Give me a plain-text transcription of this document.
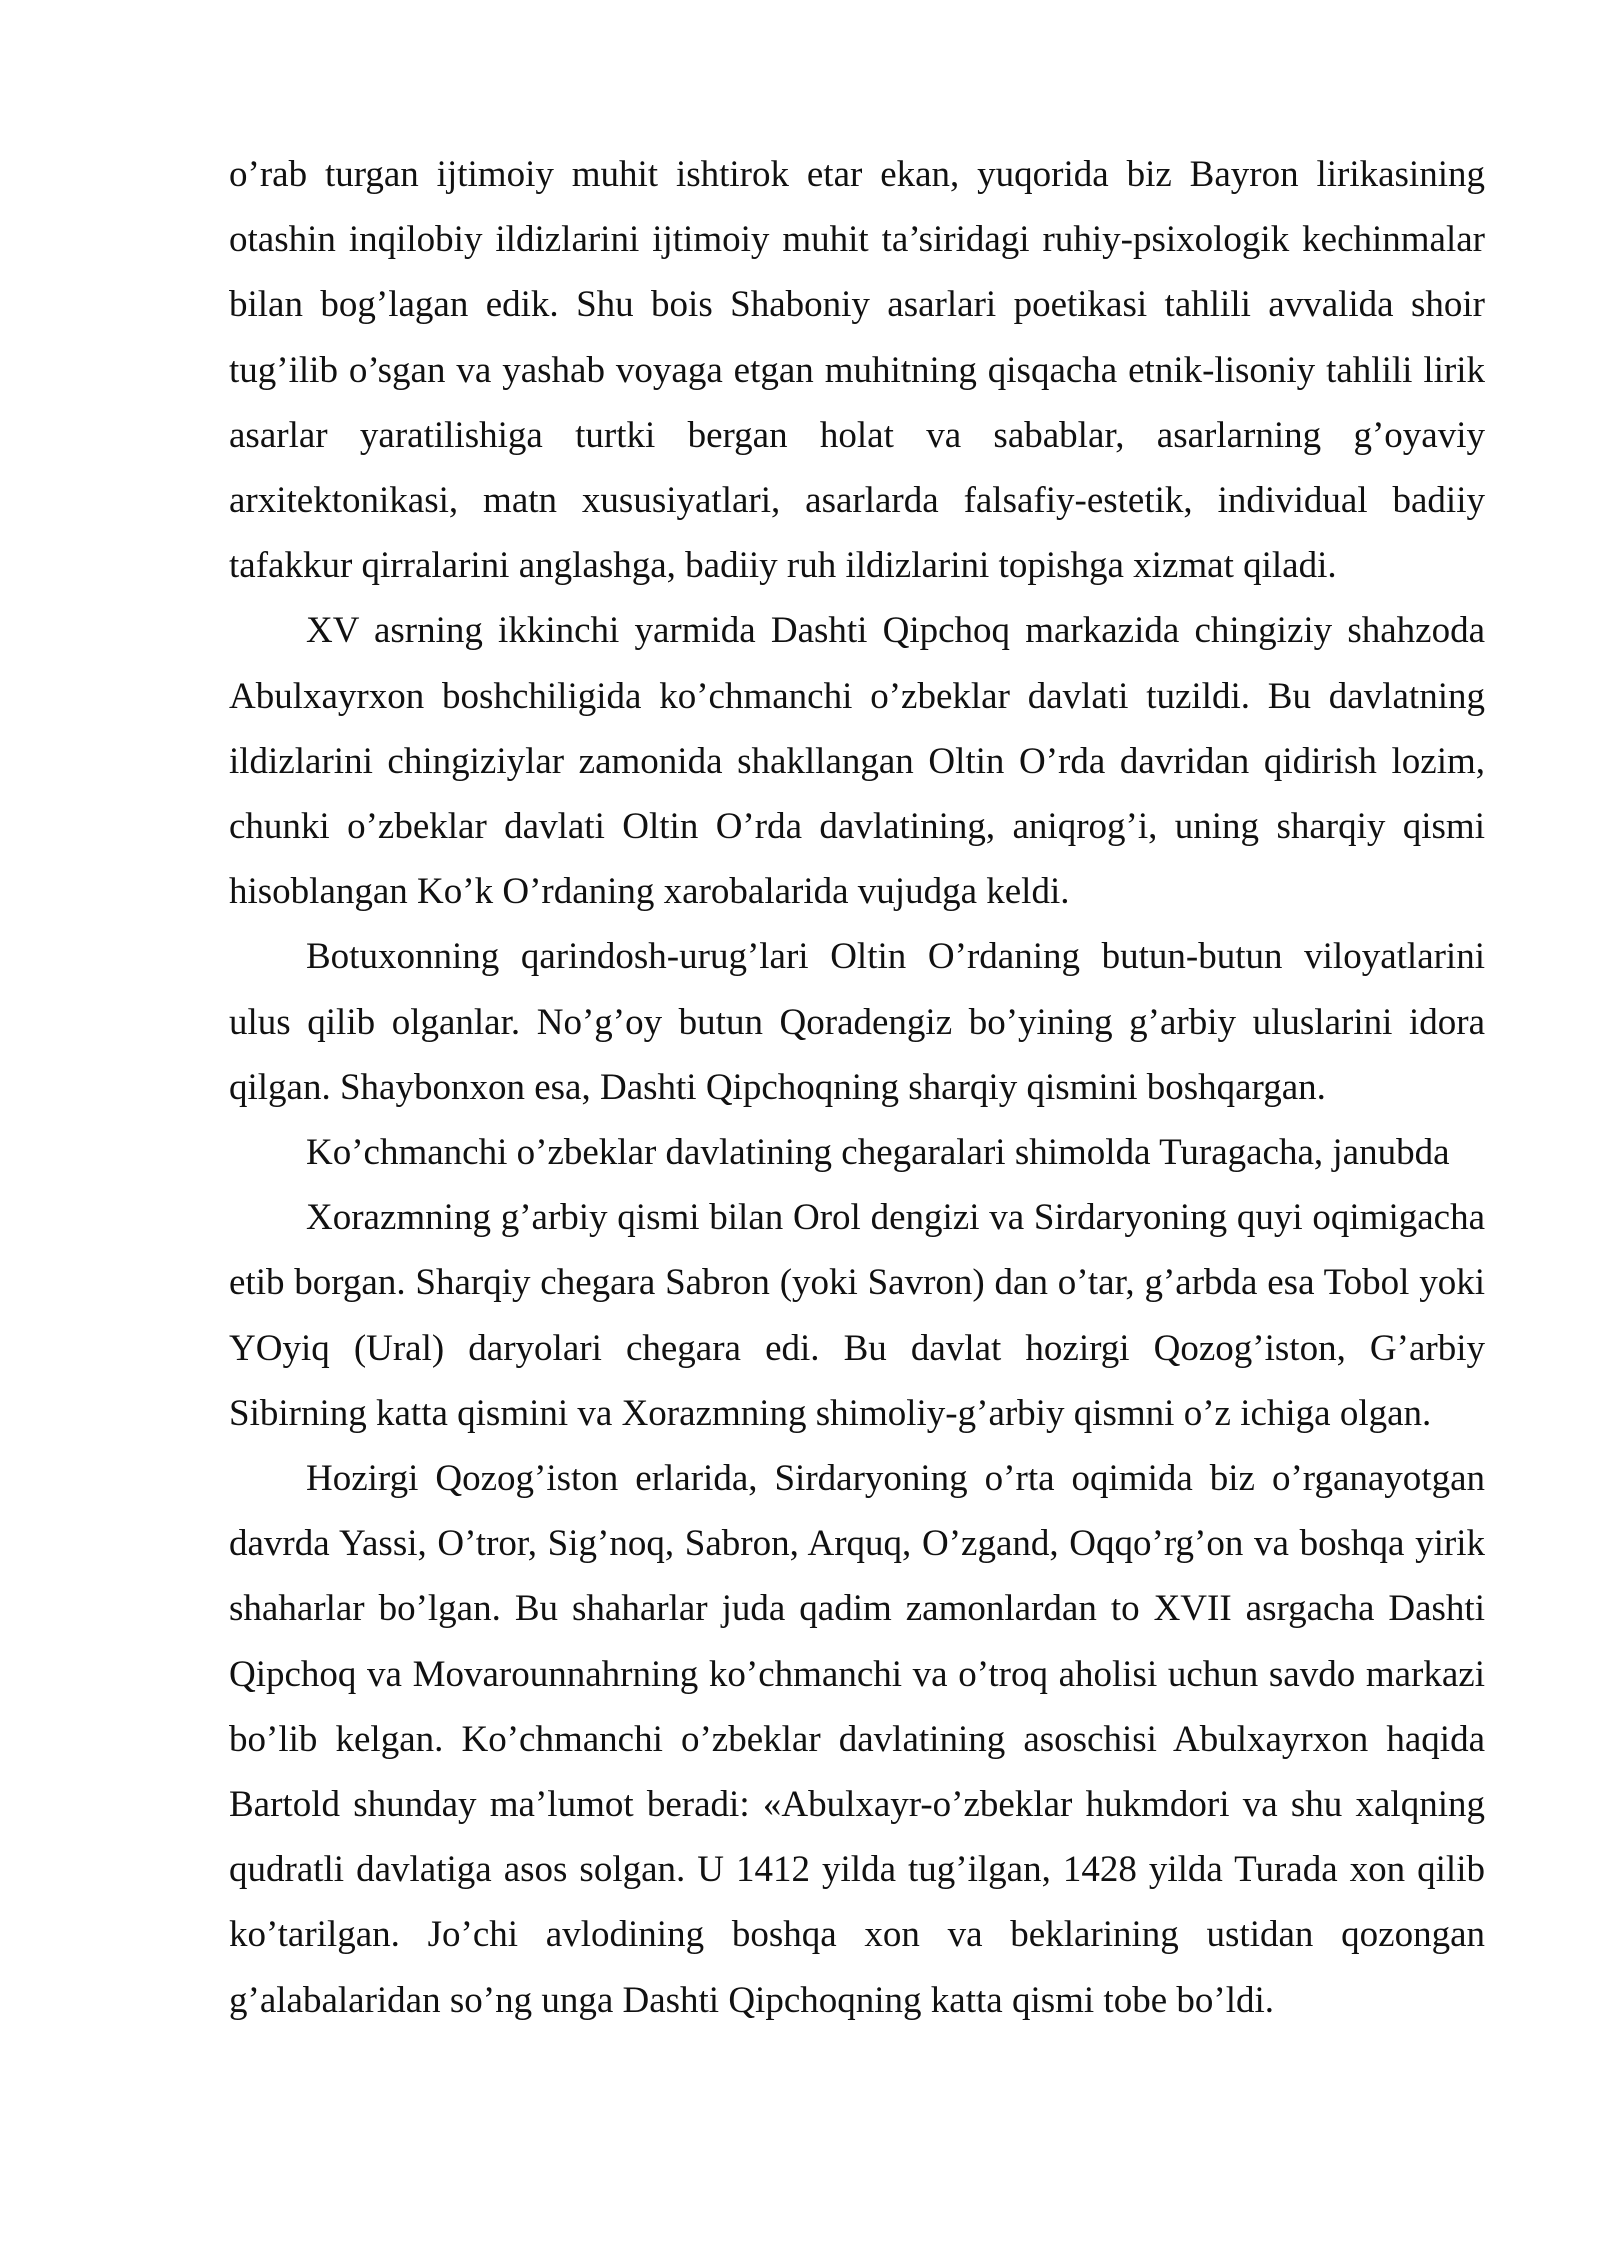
o’rab turgan ijtimoiy muhit ishtirok etar ekan, yuqorida biz Bayron lirikasining otashin inqilobiy ildizlarini ijtimoiy muhit ta’siridagi ruhiy-psixologik kechinmalar bilan bog’lagan edik. Shu bois Shaboniy asarlari poetikasi tahlili avvalida shoir tug’ilib o’sgan va yashab voyaga etgan muhitning qisqacha etnik-lisoniy tahlili lirik asarlar yaratilishiga turtki bergan holat va sabablar, asarlarning g’oyaviy arxitektonikasi, matn xususiyatlari, asarlarda falsafiy-estetik, individual badiiy tafakkur qirralarini anglashga, badiiy ruh ildizlarini topishga xizmat qiladi.

XV asrning ikkinchi yarmida Dashti Qipchoq markazida chingiziy shahzoda Abulxayrxon boshchiligida ko’chmanchi o’zbeklar davlati tuzildi. Bu davlatning ildizlarini chingiziylar zamonida shakllangan Oltin O’rda davridan qidirish lozim, chunki o’zbeklar davlati Oltin O’rda davlatining, aniqrog’i, uning sharqiy qismi hisoblangan Ko’k O’rdaning xarobalarida vujudga keldi.

Botuxonning qarindosh-urug’lari Oltin O’rdaning butun-butun viloyatlarini ulus qilib olganlar. No’g’oy butun Qoradengiz bo’yining g’arbiy uluslarini idora qilgan. Shaybonxon esa, Dashti Qipchoqning sharqiy qismini boshqargan.

Ko’chmanchi o’zbeklar davlatining chegaralari shimolda Turagacha, janubda

Xorazmning g’arbiy qismi bilan Orol dengizi va Sirdaryoning quyi oqimigacha etib borgan. Sharqiy chegara Sabron (yoki Savron) dan o’tar, g’arbda esa Tobol yoki YOyiq (Ural) daryolari chegara edi. Bu davlat hozirgi Qozog’iston, G’arbiy Sibirning katta qismini va Xorazmning shimoliy-g’arbiy qismni o’z ichiga olgan.

Hozirgi Qozog’iston erlarida, Sirdaryoning o’rta oqimida biz o’rganayotgan davrda Yassi, O’tror, Sig’noq, Sabron, Arquq, O’zgand, Oqqo’rg’on va boshqa yirik shaharlar bo’lgan. Bu shaharlar juda qadim zamonlardan to XVII asrgacha Dashti Qipchoq va Movarounnahrning ko’chmanchi va o’troq aholisi uchun savdo markazi bo’lib kelgan. Ko’chmanchi o’zbeklar davlatining asoschisi Abulxayrxon haqida Bartold shunday ma’lumot beradi: «Abulxayr-o’zbeklar hukmdori va shu xalqning qudratli davlatiga asos solgan. U 1412 yilda tug’ilgan, 1428 yilda Turada xon qilib ko’tarilgan. Jo’chi avlodining boshqa xon va beklarining ustidan qozongan g’alabalaridan so’ng unga Dashti Qipchoqning katta qismi tobe bo’ldi.
